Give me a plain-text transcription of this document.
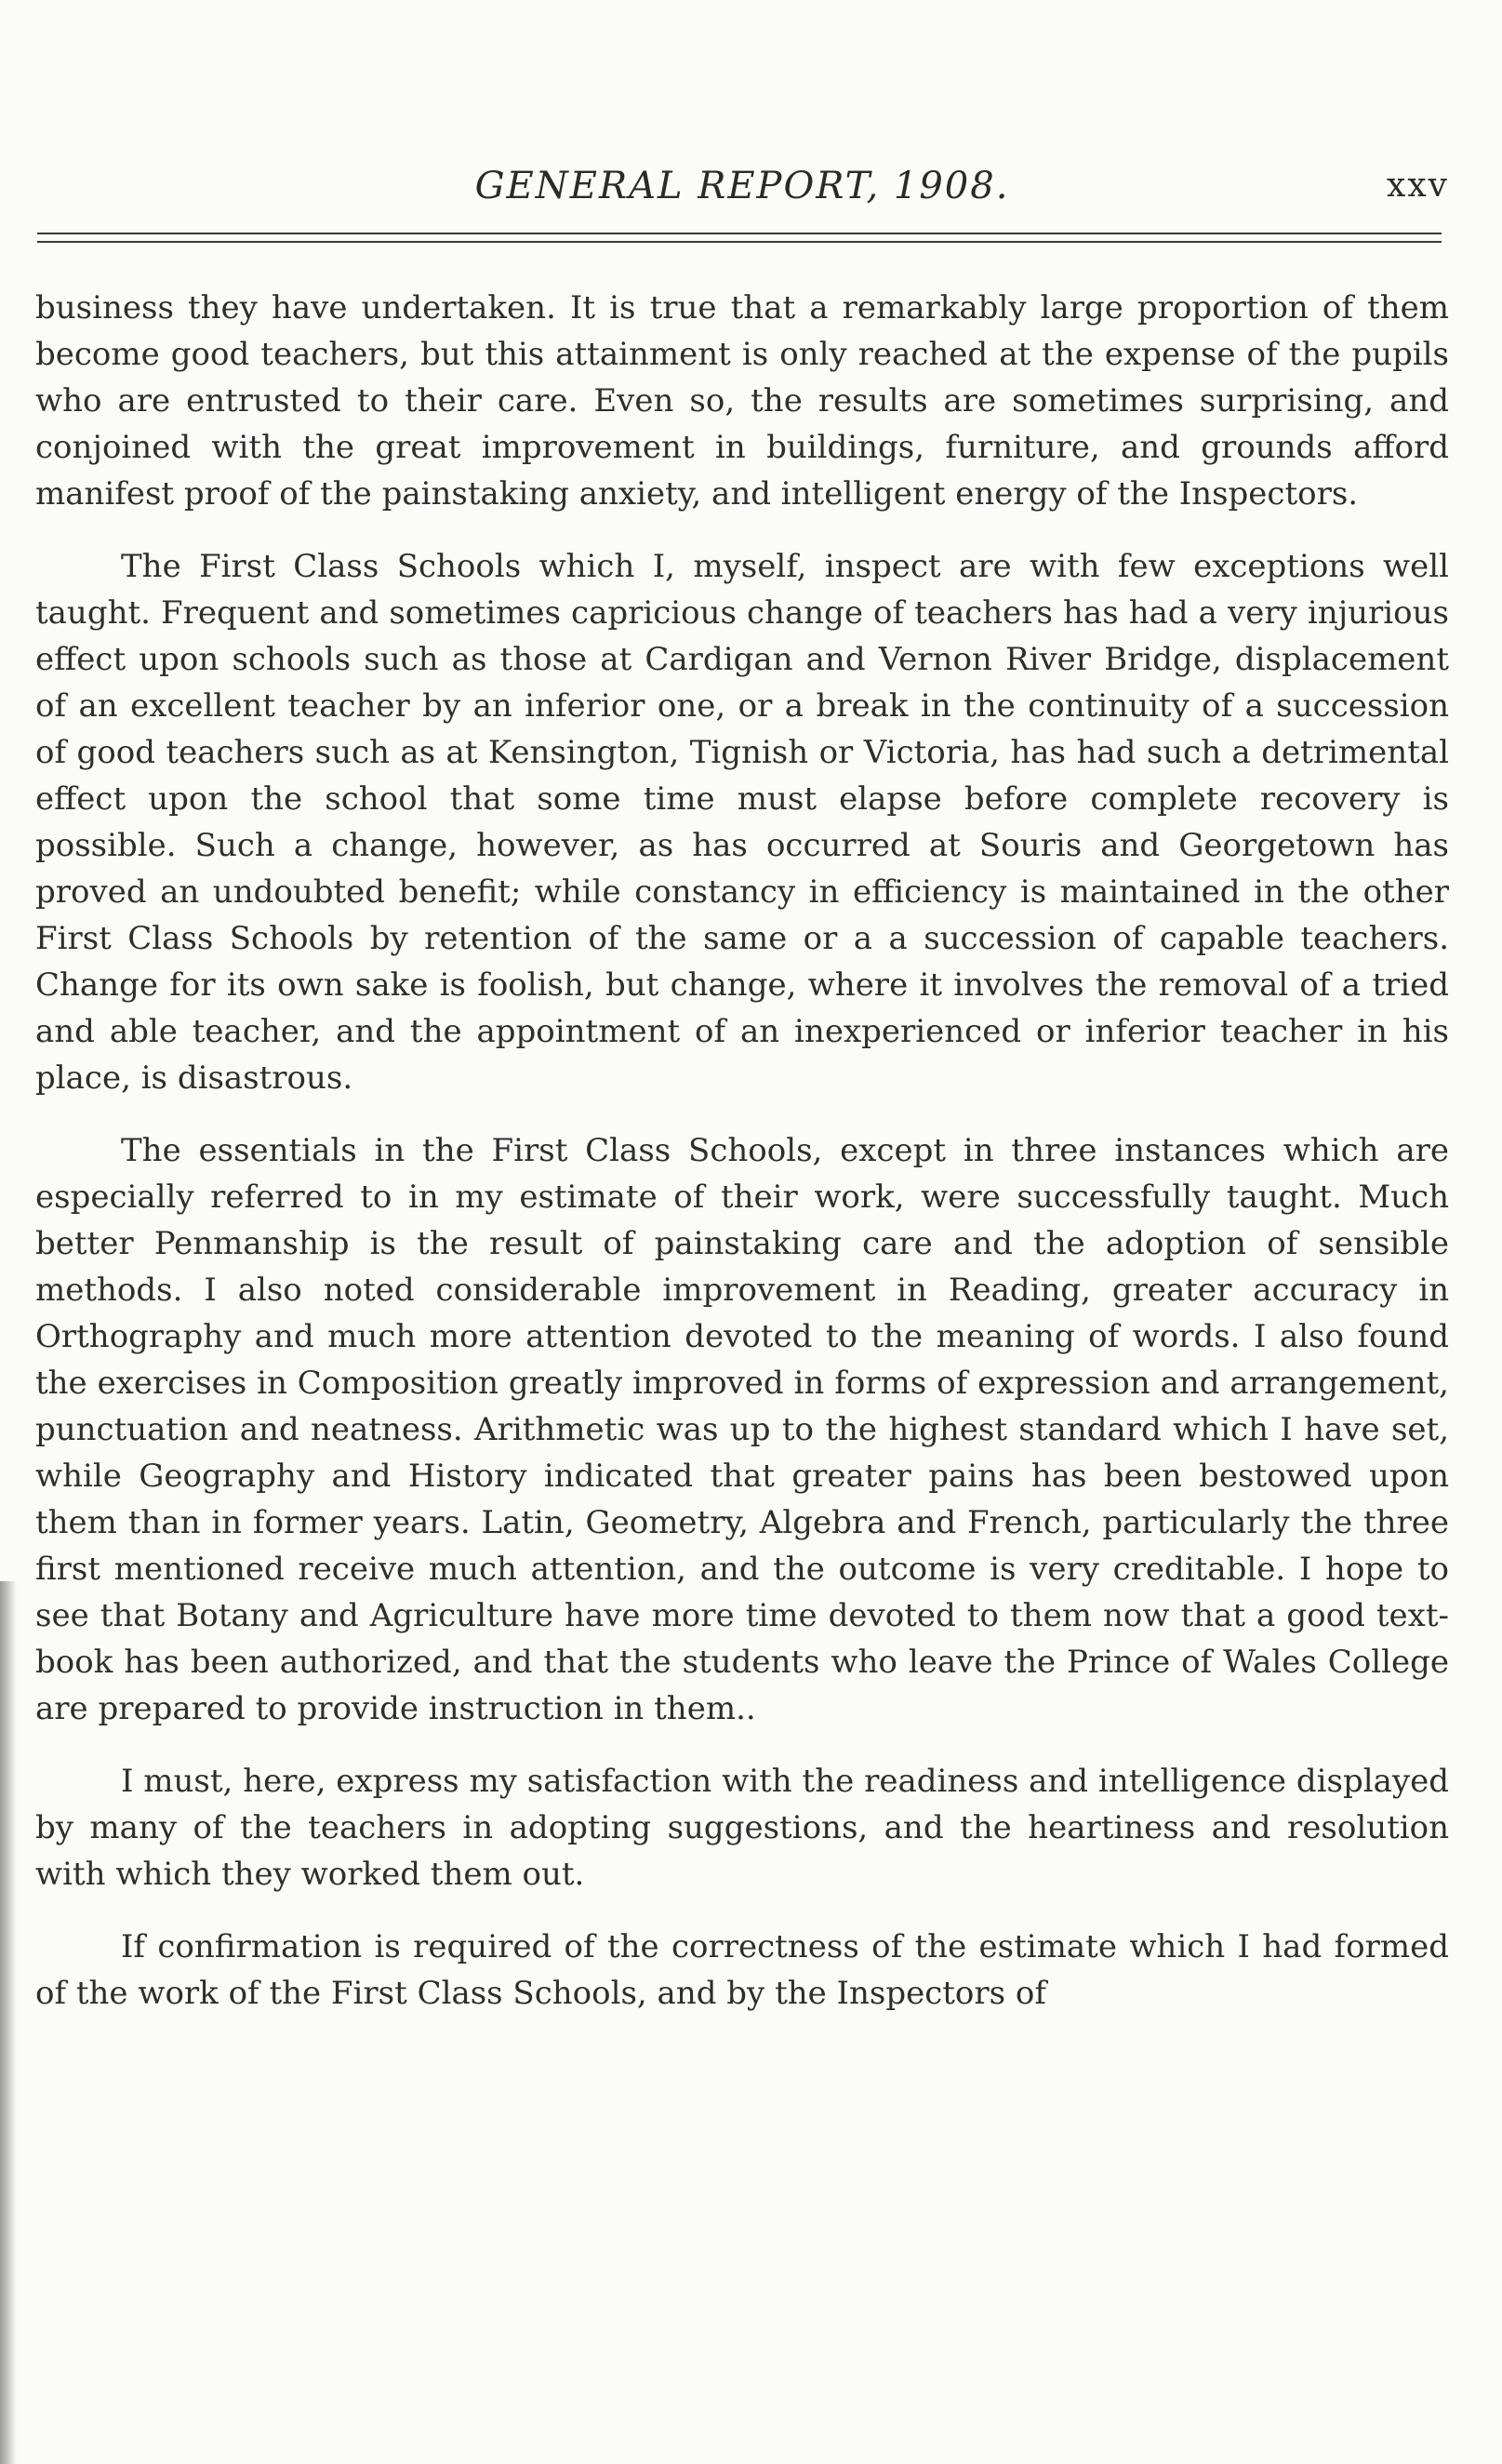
GENERAL REPORT, 1908.	xxv

business they have undertaken. It is true that a remarkably large proportion of them become good teachers, but this attainment is only reached at the expense of the pupils who are entrusted to their care. Even so, the results are sometimes surprising, and conjoined with the great improvement in buildings, furniture, and grounds afford manifest proof of the painstaking anxiety, and intelligent energy of the Inspectors.

The First Class Schools which I, myself, inspect are with few exceptions well taught. Frequent and sometimes capricious change of teachers has had a very injurious effect upon schools such as those at Cardigan and Vernon River Bridge, displacement of an excellent teacher by an inferior one, or a break in the continuity of a succession of good teachers such as at Kensington, Tignish or Victoria, has had such a detrimental effect upon the school that some time must elapse before complete recovery is possible. Such a change, however, as has occurred at Souris and Georgetown has proved an undoubted benefit; while constancy in efficiency is maintained in the other First Class Schools by retention of the same or a a succession of capable teachers. Change for its own sake is foolish, but change, where it involves the removal of a tried and able teacher, and the appointment of an inexperienced or inferior teacher in his place, is disastrous.

The essentials in the First Class Schools, except in three instances which are especially referred to in my estimate of their work, were successfully taught. Much better Penmanship is the result of painstaking care and the adoption of sensible methods. I also noted considerable improvement in Reading, greater accuracy in Orthography and much more attention devoted to the meaning of words. I also found the exercises in Composition greatly improved in forms of expression and arrangement, punctuation and neatness. Arithmetic was up to the highest standard which I have set, while Geography and History indicated that greater pains has been bestowed upon them than in former years. Latin, Geometry, Algebra and French, particularly the three first mentioned receive much attention, and the outcome is very creditable. I hope to see that Botany and Agriculture have more time devoted to them now that a good text-book has been authorized, and that the students who leave the Prince of Wales College are prepared to provide instruction in them..

I must, here, express my satisfaction with the readiness and intelligence displayed by many of the teachers in adopting suggestions, and the heartiness and resolution with which they worked them out.

If confirmation is required of the correctness of the estimate which I had formed of the work of the First Class Schools, and by the Inspectors of
